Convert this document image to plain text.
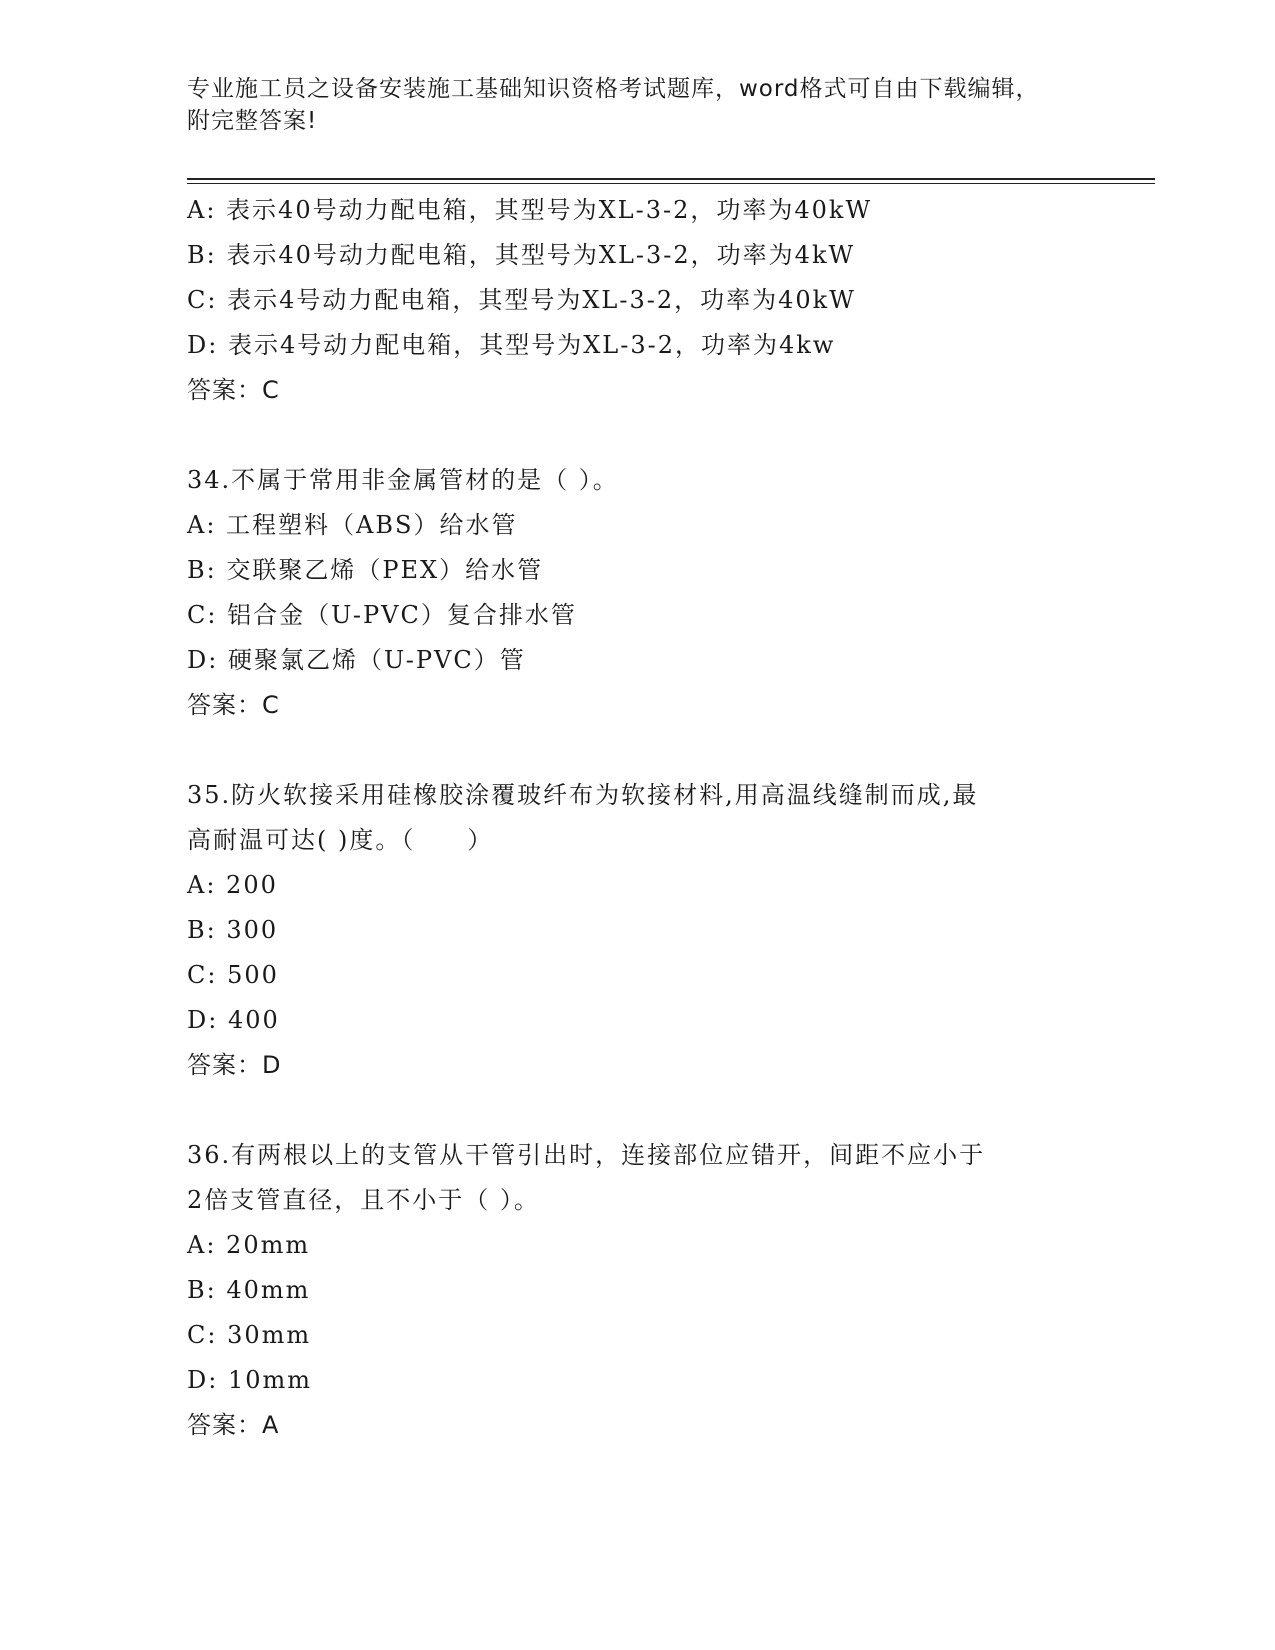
专业施工员之设备安装施工基础知识资格考试题库，word格式可自由下载编辑，
附完整答案!
A: 表示40号动力配电箱，其型号为XL-3-2，功率为40kW
B: 表示40号动力配电箱，其型号为XL-3-2，功率为4kW
C: 表示4号动力配电箱，其型号为XL-3-2，功率为40kW
D: 表示4号动力配电箱，其型号为XL-3-2，功率为4kw
答案：C
34.不属于常用非金属管材的是（ ）。
A: 工程塑料（ABS）给水管
B: 交联聚乙烯（PEX）给水管
C: 铝合金（U-PVC）复合排水管
D: 硬聚氯乙烯（U-PVC）管
答案：C
35.防火软接采用硅橡胶涂覆玻纤布为软接材料,用高温线缝制而成,最
高耐温可达( )度。（　　）
A: 200
B: 300
C: 500
D: 400
答案：D
36.有两根以上的支管从干管引出时，连接部位应错开，间距不应小于
2倍支管直径，且不小于（ ）。
A: 20mm
B: 40mm
C: 30mm
D: 10mm
答案：A
